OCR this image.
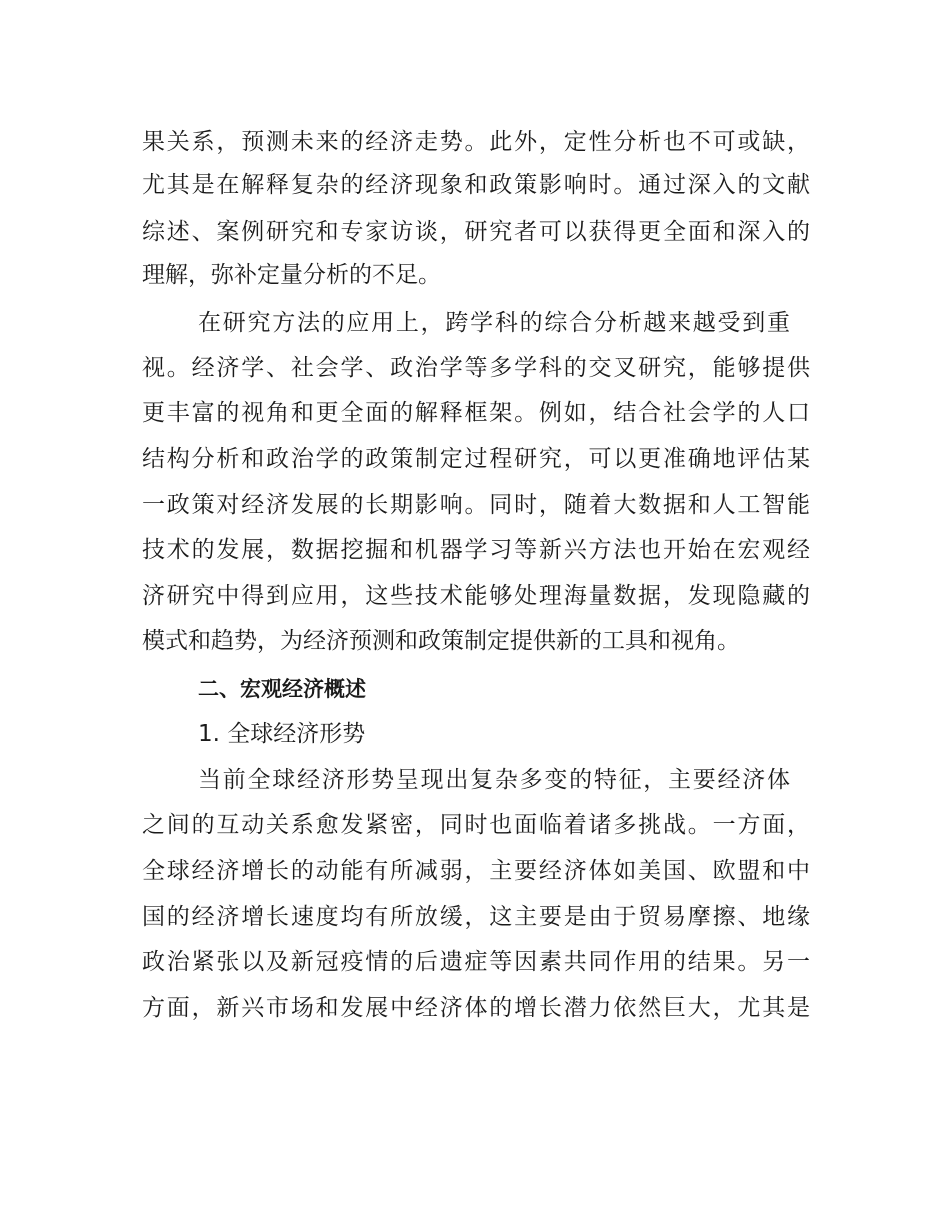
果关系，预测未来的经济走势。此外，定性分析也不可或缺，
尤其是在解释复杂的经济现象和政策影响时。通过深入的文献
综述、案例研究和专家访谈，研究者可以获得更全面和深入的
理解，弥补定量分析的不足。
在研究方法的应用上，跨学科的综合分析越来越受到重
视。经济学、社会学、政治学等多学科的交叉研究，能够提供
更丰富的视角和更全面的解释框架。例如，结合社会学的人口
结构分析和政治学的政策制定过程研究，可以更准确地评估某
一政策对经济发展的长期影响。同时，随着大数据和人工智能
技术的发展，数据挖掘和机器学习等新兴方法也开始在宏观经
济研究中得到应用，这些技术能够处理海量数据，发现隐藏的
模式和趋势，为经济预测和政策制定提供新的工具和视角。
二、宏观经济概述
1. 全球经济形势
当前全球经济形势呈现出复杂多变的特征，主要经济体
之间的互动关系愈发紧密，同时也面临着诸多挑战。一方面，
全球经济增长的动能有所减弱，主要经济体如美国、欧盟和中
国的经济增长速度均有所放缓，这主要是由于贸易摩擦、地缘
政治紧张以及新冠疫情的后遗症等因素共同作用的结果。另一
方面，新兴市场和发展中经济体的增长潜力依然巨大，尤其是
